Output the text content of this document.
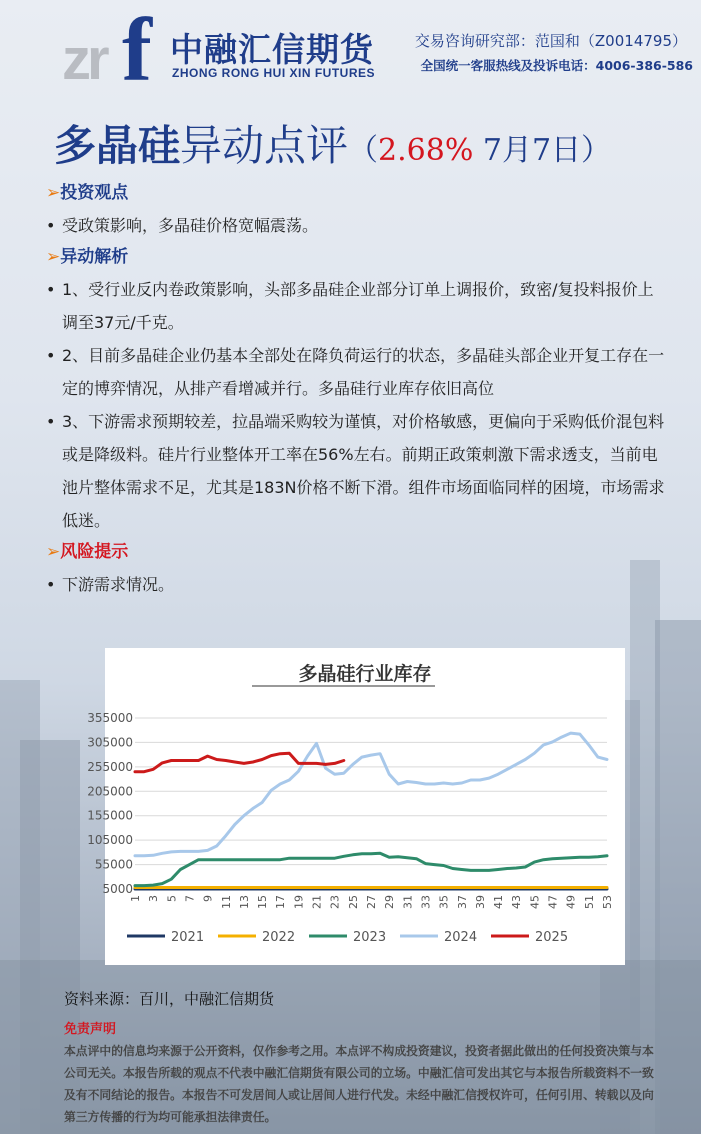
zr f 中融汇信期货
ZHONG RONG HUI XIN FUTURES
交易咨询研究部：范国和（Z0014795）
全国统一客服热线及投诉电话：4006-386-586
多晶硅异动点评（2.68% 7月7日）
➢投资观点
• 受政策影响，多晶硅价格宽幅震荡。
➢异动解析
• 1、受行业反内卷政策影响，头部多晶硅企业部分订单上调报价，致密/复投料报价上调至37元/千克。
• 2、目前多晶硅企业仍基本全部处在降负荷运行的状态，多晶硅头部企业开复工存在一定的博弈情况，从排产看增减并行。多晶硅行业库存依旧高位
• 3、下游需求预期较差，拉晶端采购较为谨慎，对价格敏感，更偏向于采购低价混包料或是降级料。硅片行业整体开工率在56%左右。前期正政策刺激下需求透支，当前电池片整体需求不足，尤其是183N价格不断下滑。组件市场面临同样的困境，市场需求低迷。
➢风险提示
• 下游需求情况。
多晶硅行业库存
355000
305000
255000
205000
155000
105000
55000
5000
1 3 5 7 9 11 13 15 17 19 21 23 25 27 29 31 33 35 37 39 41 43 45 47 49 51 53
2021	2022	2023	2024	2025
资料来源：百川，中融汇信期货
免责声明
本点评中的信息均来源于公开资料，仅作参考之用。本点评不构成投资建议，投资者据此做出的任何投资决策与本公司无关。本报告所载的观点不代表中融汇信期货有限公司的立场。中融汇信可发出其它与本报告所载资料不一致及有不同结论的报告。本报告不可发居间人或让居间人进行代发。未经中融汇信授权许可，任何引用、转载以及向第三方传播的行为均可能承担法律责任。
